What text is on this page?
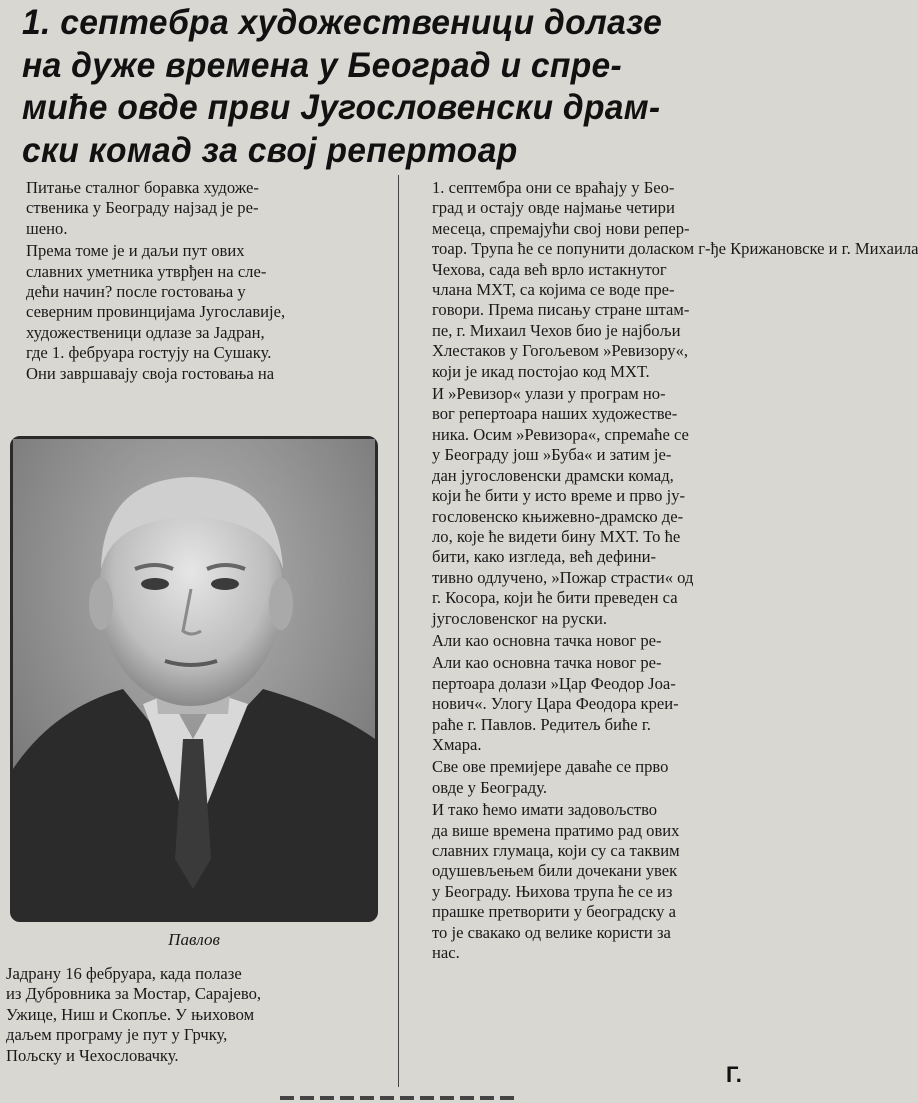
1. септебра художественици долазе
на дуже времена у Београд и спре-
миће овде први Југословенски драм-
ски комад за свој репертоар

Питање сталног боравка художе-
ственика у Београду најзад је ре-
шено.

Према томе је и даљи пут ових
славних уметника утврђен на сле-
дећи начин? после гостовања у
северним провинцијама Југославије,
художественици одлазе за Јадран,
где 1. фебруара гостују на Сушаку.
Они завршавају своја гостовања на

Павлов

Јадрану 16 фебруара, када полазе
из Дубровника за Мостар, Сарајево,
Ужице, Ниш и Скопље. У њиховом
даљем програму је пут у Грчку,
Пољску и Чехословачку.

1. септембра они се враћају у Бео-
град и остају овде најмање четири
месеца, спремајући свој нови репер-
тоар. Трупа ће се попунити доласком г-ђе Крижановске и г. Михаила
Чехова, сада већ врло истакнутог
члана МХТ, са којима се воде пре-
говори. Према писању стране штам-
пе, г. Михаил Чехов био је најбољи
Хлестаков у Гогољевом »Ревизору«,
који је икад постојао код МХТ.

И »Ревизор« улази у програм но-
вог репертоара наших художестве-
ника. Осим »Ревизора«, спремаће се
у Београду још »Буба« и затим је-
дан југословенски драмски комад,
који ће бити у исто време и прво ју-
гословенско књижевно-драмско де-
ло, које ће видети бину МХТ. То ће
бити, како изгледа, већ дефини-
тивно одлучено, »Пожар страсти« од
г. Косора, који ће бити преведен са
југословенског на руски.

Али као основна тачка новог ре-

Али као основна тачка новог ре-
пертоара долази »Цар Феодор Јоа-
нович«. Улогу Цара Феодора креи-
раће г. Павлов. Редитељ биће г.
Хмара.

Све ове премијере даваће се прво
овде у Београду.

И тако ћемо имати задовољство
да више времена пратимо рад ових
славних глумаца, који су са таквим
одушевљењем били дочекани увек
у Београду. Њихова трупа ће се из
прашке претворити у београдску а
то је свакако од велике користи за
нас.

Г.
